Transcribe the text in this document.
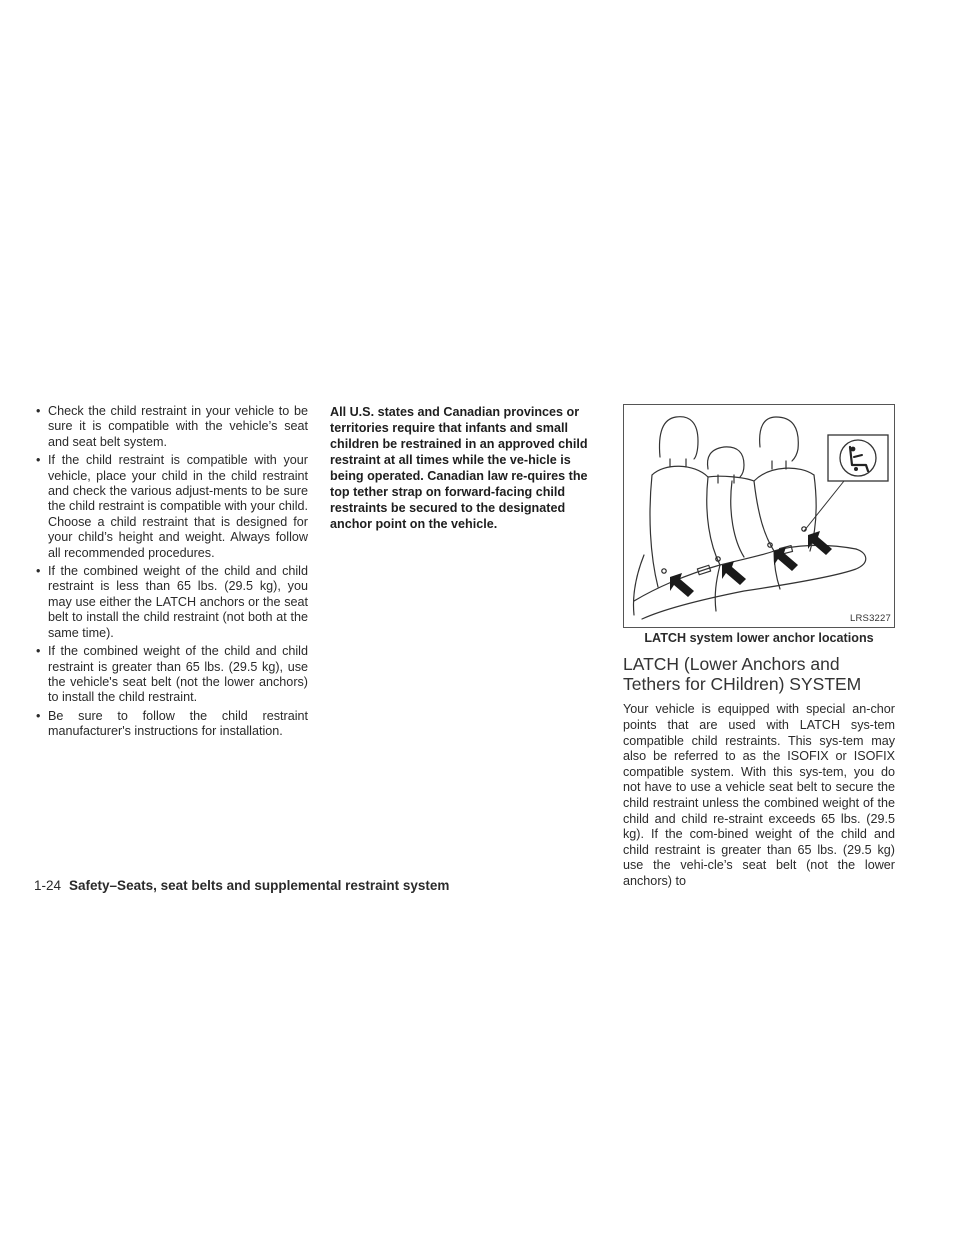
• Check the child restraint in your vehicle to be sure it is compatible with the vehicle’s seat and seat belt system.
• If the child restraint is compatible with your vehicle, place your child in the child restraint and check the various adjust-ments to be sure the child restraint is compatible with your child. Choose a child restraint that is designed for your child’s height and weight. Always follow all recommended procedures.
• If the combined weight of the child and child restraint is less than 65 lbs. (29.5 kg), you may use either the LATCH anchors or the seat belt to install the child restraint (not both at the same time).
• If the combined weight of the child and child restraint is greater than 65 lbs. (29.5 kg), use the vehicle's seat belt (not the lower anchors) to install the child restraint.
• Be sure to follow the child restraint manufacturer's instructions for installation.

All U.S. states and Canadian provinces or territories require that infants and small children be restrained in an approved child restraint at all times while the ve-hicle is being operated. Canadian law re-quires the top tether strap on forward-facing child restraints be secured to the designated anchor point on the vehicle.

LRS3227

LATCH system lower anchor locations

LATCH (Lower Anchors and Tethers for CHildren) SYSTEM

Your vehicle is equipped with special an-chor points that are used with LATCH sys-tem compatible child restraints. This sys-tem may also be referred to as the ISOFIX or ISOFIX compatible system. With this sys-tem, you do not have to use a vehicle seat belt to secure the child restraint unless the combined weight of the child and child re-straint exceeds 65 lbs. (29.5 kg). If the com-bined weight of the child and child restraint is greater than 65 lbs. (29.5 kg) use the vehi-cle’s seat belt (not the lower anchors) to

1-24 Safety–Seats, seat belts and supplemental restraint system
